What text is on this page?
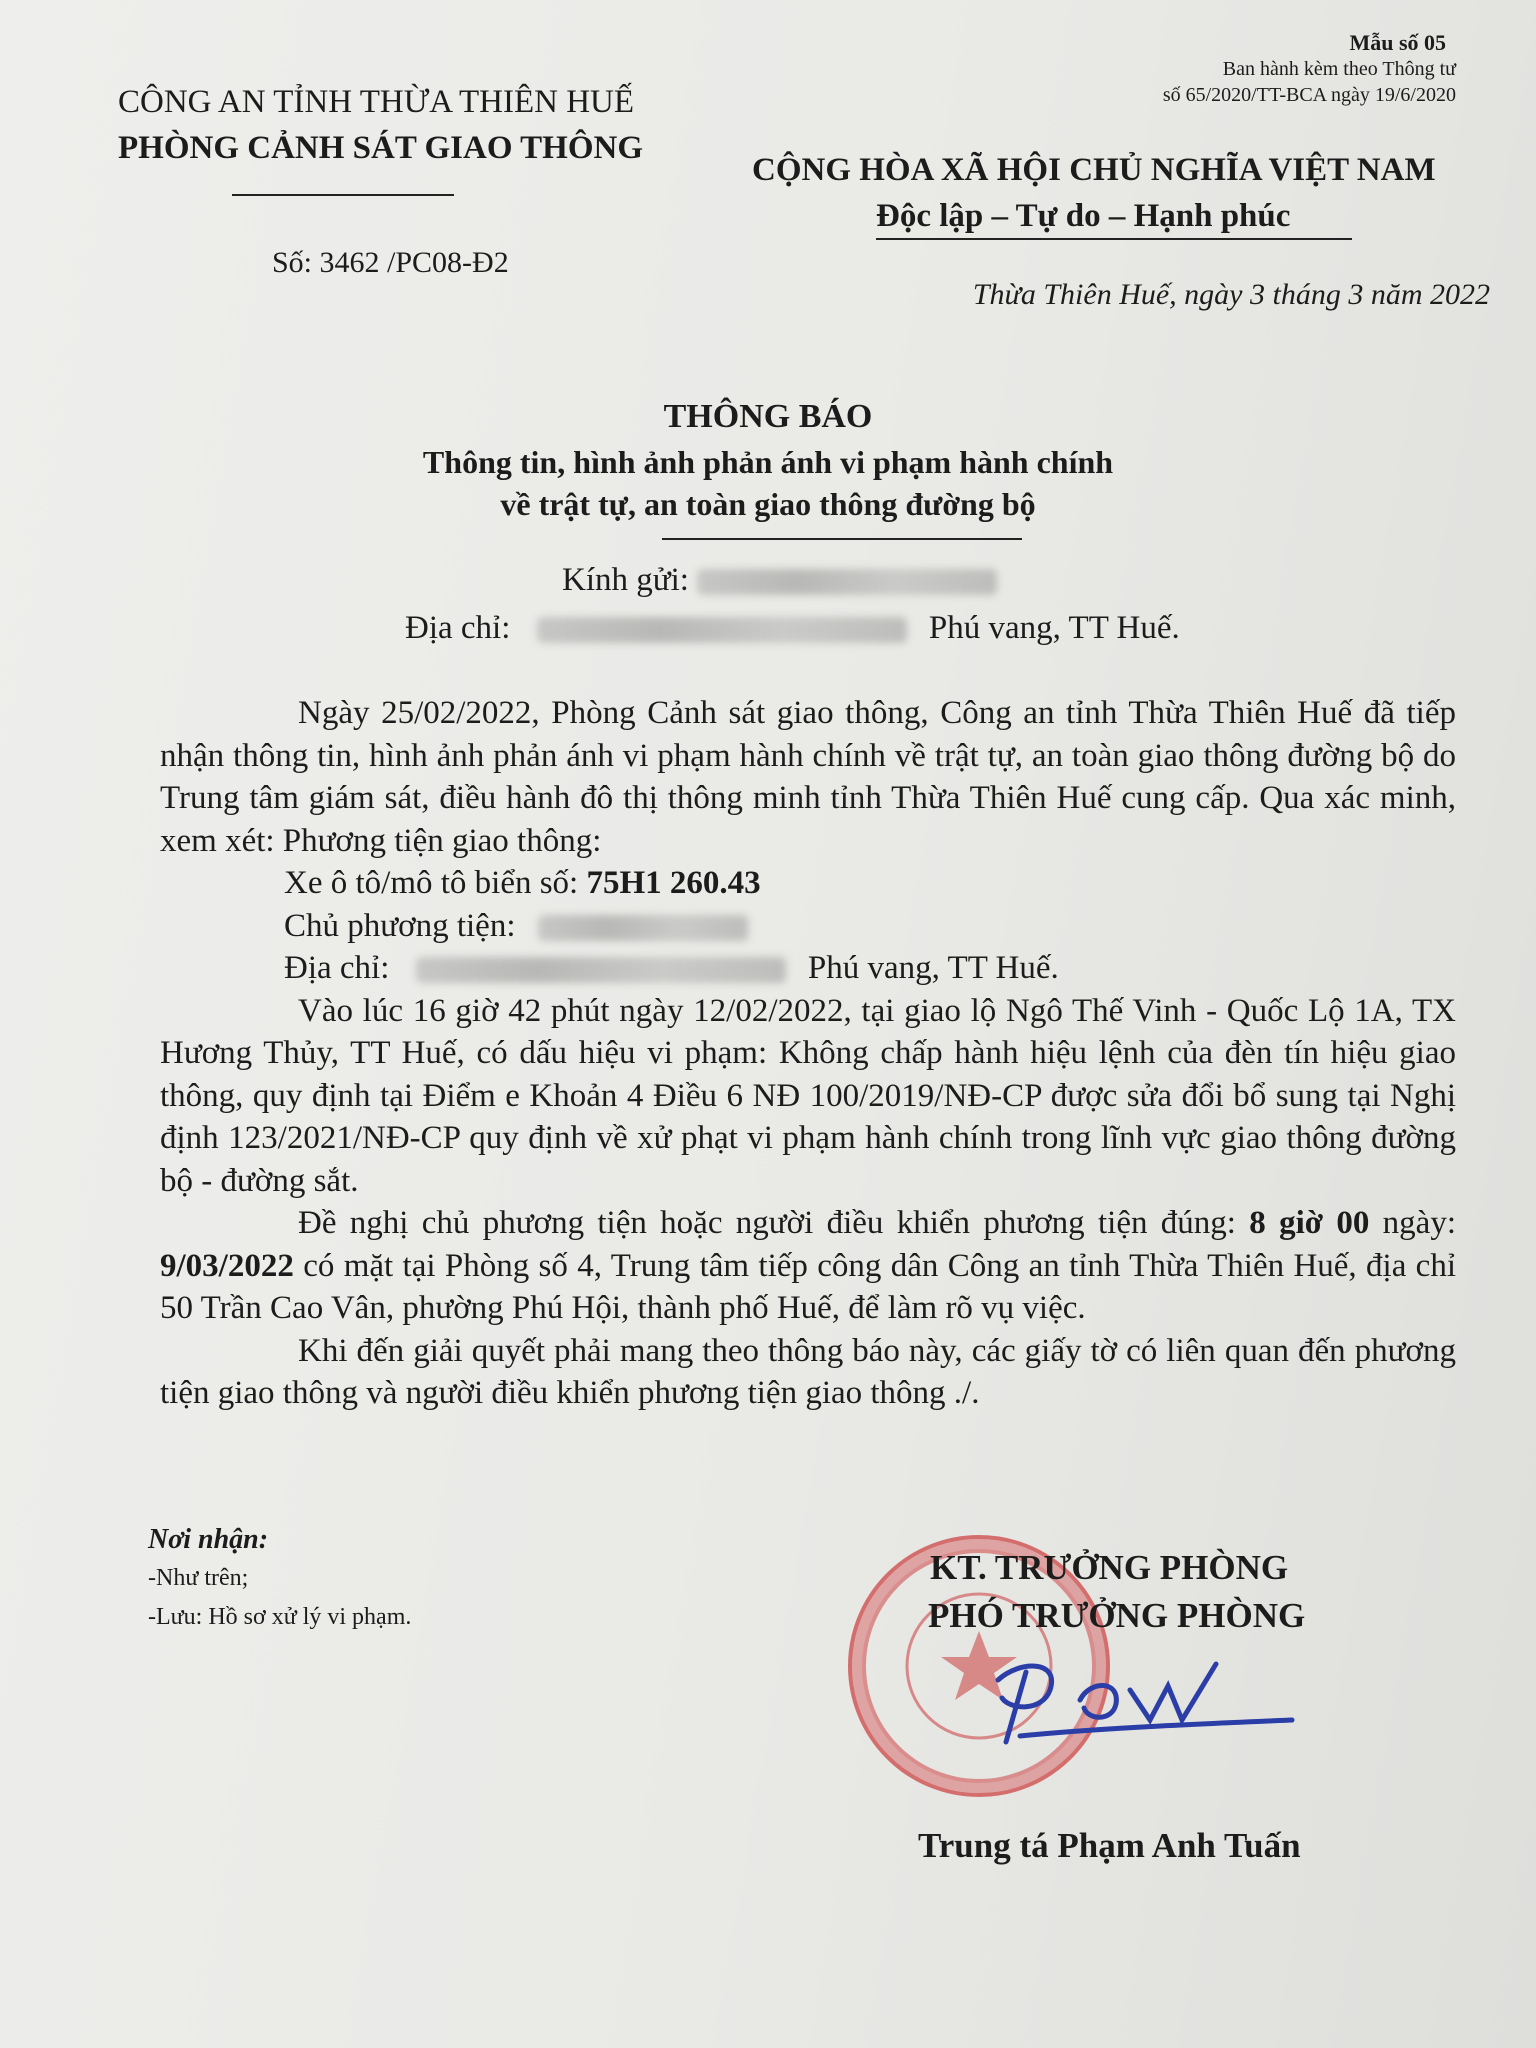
Mẫu số 05
Ban hành kèm theo Thông tư
số 65/2020/TT-BCA ngày 19/6/2020
CÔNG AN TỈNH THỪA THIÊN HUẾ
PHÒNG CẢNH SÁT GIAO THÔNG
Số: 3462 /PC08-Đ2
CỘNG HÒA XÃ HỘI CHỦ NGHĨA VIỆT NAM
Độc lập – Tự do – Hạnh phúc
Thừa Thiên Huế, ngày 3 tháng 3 năm 2022
THÔNG BÁO
Thông tin, hình ảnh phản ánh vi phạm hành chính
về trật tự, an toàn giao thông đường bộ
Kính gửi:
Địa chỉ:	Phú vang, TT Huế.

Ngày 25/02/2022, Phòng Cảnh sát giao thông, Công an tỉnh Thừa Thiên Huế đã tiếp nhận thông tin, hình ảnh phản ánh vi phạm hành chính về trật tự, an toàn giao thông đường bộ do Trung tâm giám sát, điều hành đô thị thông minh tỉnh Thừa Thiên Huế cung cấp. Qua xác minh, xem xét: Phương tiện giao thông:

Xe ô tô/mô tô biển số: 75H1 260.43
Chủ phương tiện:
Địa chỉ:	Phú vang, TT Huế.

Vào lúc 16 giờ 42 phút ngày 12/02/2022, tại giao lộ Ngô Thế Vinh - Quốc Lộ 1A, TX Hương Thủy, TT Huế, có dấu hiệu vi phạm: Không chấp hành hiệu lệnh của đèn tín hiệu giao thông, quy định tại Điểm e Khoản 4 Điều 6 NĐ 100/2019/NĐ-CP được sửa đổi bổ sung tại Nghị định 123/2021/NĐ-CP quy định về xử phạt vi phạm hành chính trong lĩnh vực giao thông đường bộ - đường sắt.

Đề nghị chủ phương tiện hoặc người điều khiển phương tiện đúng: 8 giờ 00 ngày: 9/03/2022 có mặt tại Phòng số 4, Trung tâm tiếp công dân Công an tỉnh Thừa Thiên Huế, địa chỉ 50 Trần Cao Vân, phường Phú Hội, thành phố Huế, để làm rõ vụ việc.

Khi đến giải quyết phải mang theo thông báo này, các giấy tờ có liên quan đến phương tiện giao thông và người điều khiển phương tiện giao thông ./.

Nơi nhận:
-Như trên;
-Lưu: Hồ sơ xử lý vi phạm.
KT. TRƯỞNG PHÒNG
PHÓ TRƯỞNG PHÒNG
Trung tá Phạm Anh Tuấn
